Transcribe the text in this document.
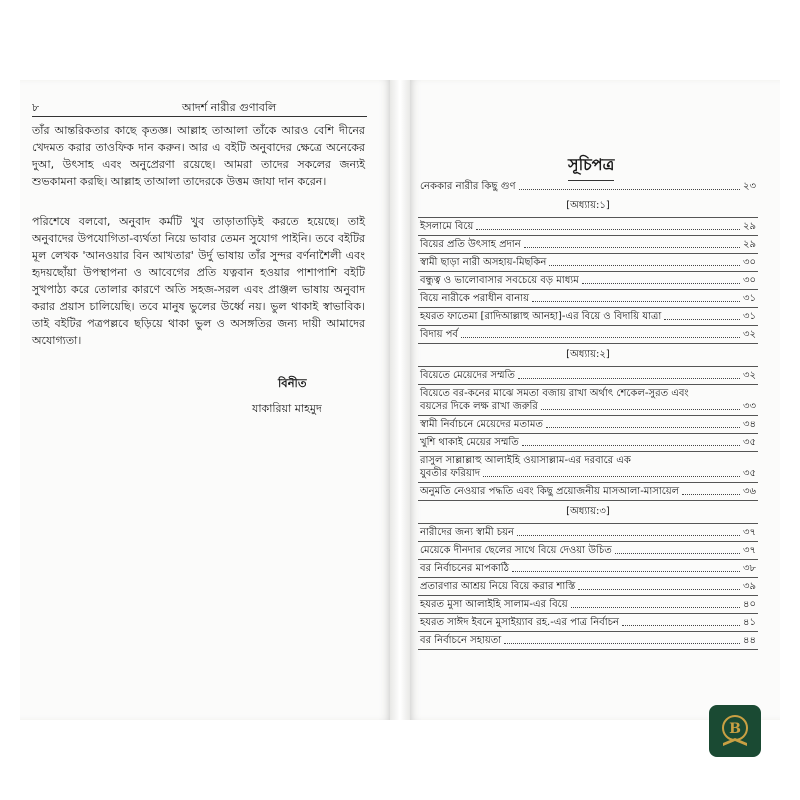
৮	আদর্শ নারীর গুণাবলি

তাঁর আন্তরিকতার কাছে কৃতজ্ঞ। আল্লাহ তাআলা তাঁকে আরও বেশি দীনের খেদমত করার তাওফিক দান করুন। আর এ বইটি অনুবাদের ক্ষেত্রে অনেকের দুআ, উৎসাহ এবং অনুপ্রেরণা রয়েছে। আমরা তাদের সকলের জন্যই শুভকামনা করছি। আল্লাহ তাআলা তাদেরকে উত্তম জাযা দান করেন।

পরিশেষে বলবো, অনুবাদ কর্মটি খুব তাড়াতাড়িই করতে হয়েছে। তাই অনুবাদের উপযোগিতা-ব্যর্থতা নিয়ে ভাবার তেমন সুযোগ পাইনি। তবে বইটির মূল লেখক 'আনওয়ার বিন আখতার' উর্দু ভাষায় তাঁর সুন্দর বর্ণনাশৈলী এবং হৃদয়ছোঁয়া উপস্থাপনা ও আবেগের প্রতি যত্নবান হওয়ার পাশাপাশি বইটি সুখপাঠ্য করে তোলার কারণে অতি সহজ-সরল এবং প্রাঞ্জল ভাষায় অনুবাদ করার প্রয়াস চালিয়েছি। তবে মানুষ ভুলের উর্ধ্বে নয়। ভুল থাকাই স্বাভাবিক। তাই বইটির পত্রপল্লবে ছড়িয়ে থাকা ভুল ও অসঙ্গতির জন্য দায়ী আমাদের অযোগ্যতা।

বিনীত
যাকারিয়া মাহমুদ
সূচিপত্র
নেককার নারীর কিছু গুণ	২৩
[অধ্যায়:১]
ইসলামে বিয়ে	২৯
বিয়ের প্রতি উৎসাহ প্রদান	২৯
স্বামী ছাড়া নারী অসহায়-মিছকিন	৩০
বন্ধুত্ব ও ভালোবাসার সবচেয়ে বড় মাধ্যম	৩০
বিয়ে নারীকে পরাধীন বানায়	৩১
হযরত ফাতেমা [রাদিআল্লাহু আনহা]-এর বিয়ে ও বিদায়ি যাত্রা	৩১
বিদায় পর্ব	৩২
[অধ্যায়:২]
বিয়েতে মেয়েদের সম্মতি	৩২
বিয়েতে বর-কনের মাঝে সমতা বজায় রাখা অর্থাৎ শেকেল-সুরত এবং
বয়সের দিকে লক্ষ রাখা জরুরি	৩৩
স্বামী নির্বাচনে মেয়েদের মতামত	৩৪
খুশি থাকাই মেয়ের সম্মতি	৩৫
রাসুল সাল্লাল্লাহু আলাইহি ওয়াসাল্লাম-এর দরবারে এক
যুবতীর ফরিয়াদ	৩৫
অনুমতি নেওয়ার পদ্ধতি এবং কিছু প্রয়োজনীয় মাসআলা-মাসায়েল	৩৬
[অধ্যায়:৩]
নারীদের জন্য স্বামী চয়ন	৩৭
মেয়েকে দীনদার ছেলের সাথে বিয়ে দেওয়া উচিত	৩৭
বর নির্বাচনের মাপকাঠি	৩৮
প্রতারণার আশ্রয় নিয়ে বিয়ে করার শাস্তি	৩৯
হযরত মুসা আলাইহি সালাম-এর বিয়ে	৪০
হযরত সাঈদ ইবনে মুসাইয়্যাব রহ.-এর পাত্র নির্বাচন	৪১
বর নির্বাচনে সহায়তা	৪৪
B
